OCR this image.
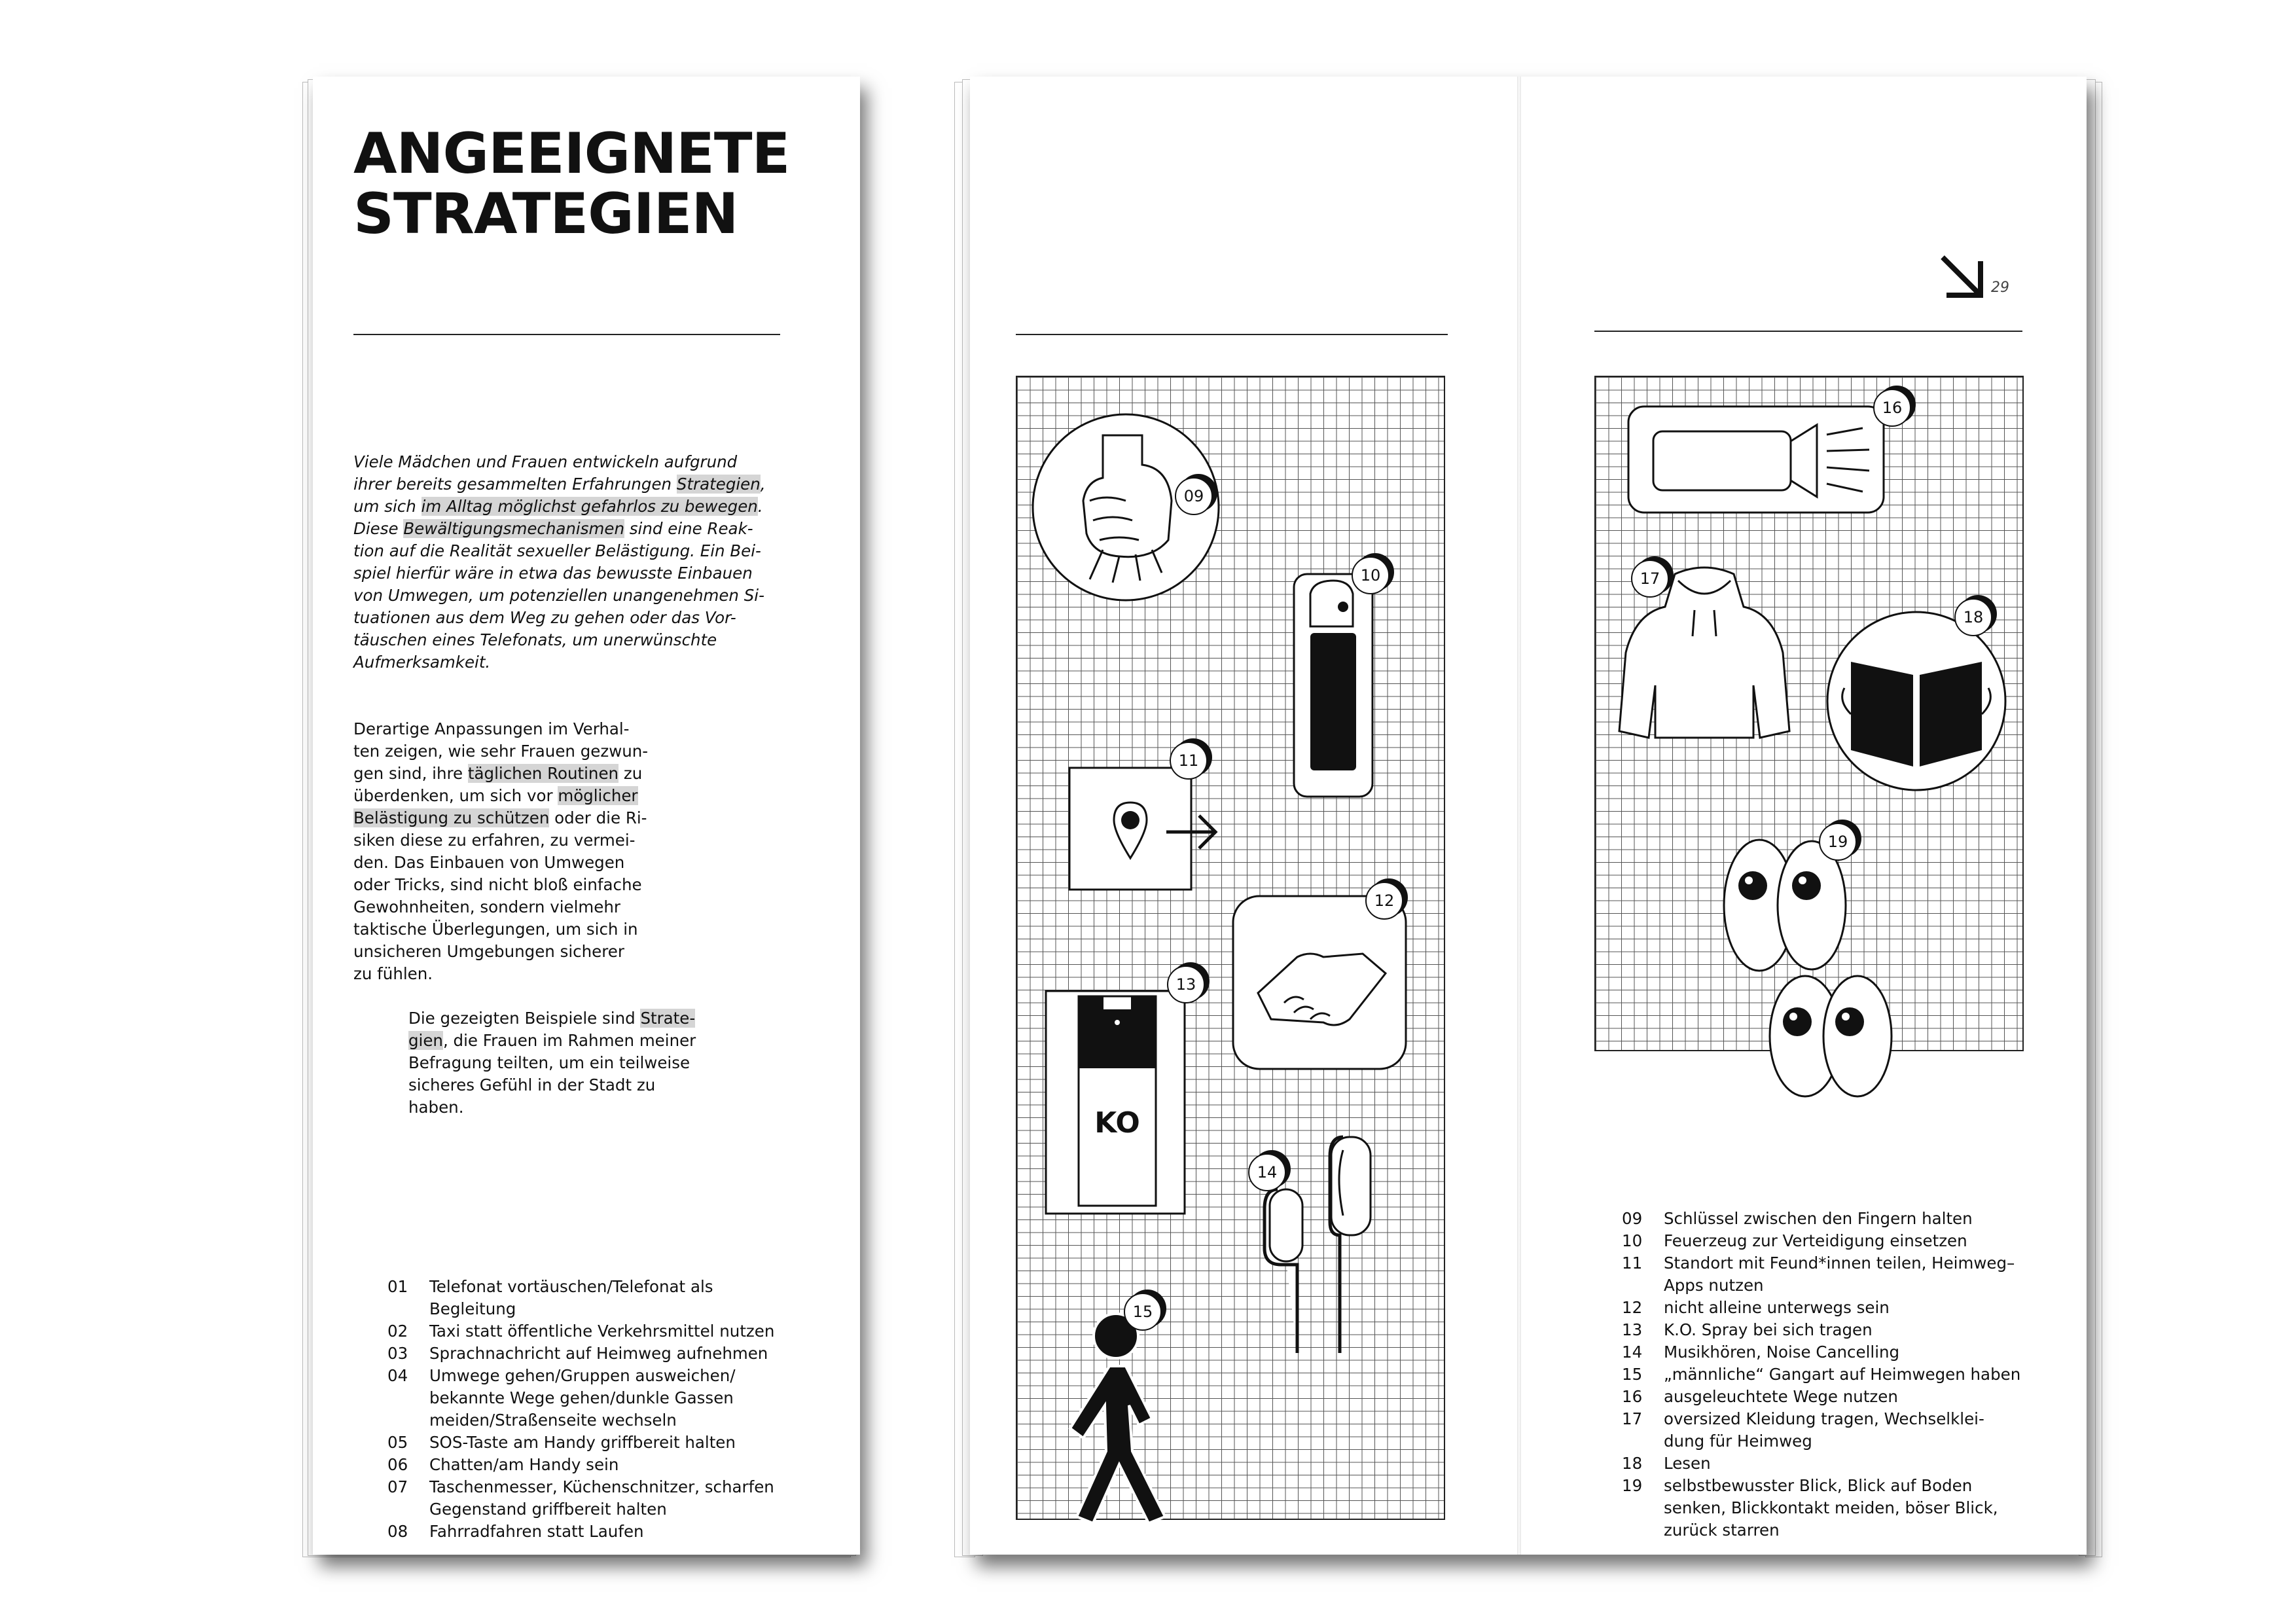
ANGEEIGNETE
STRATEGIEN
Viele Mädchen und Frauen entwickeln aufgrund
ihrer bereits gesammelten Erfahrungen Strategien,
um sich im Alltag möglichst gefahrlos zu bewegen.
Diese Bewältigungsmechanismen sind eine Reak-
tion auf die Realität sexueller Belästigung. Ein Bei-
spiel hierfür wäre in etwa das bewusste Einbauen
von Umwegen, um potenziellen unangenehmen Si-
tuationen aus dem Weg zu gehen oder das Vor-
täuschen eines Telefonats, um unerwünschte
Aufmerksamkeit.
Derartige Anpassungen im Verhal-
ten zeigen, wie sehr Frauen gezwun-
gen sind, ihre täglichen Routinen zu
überdenken, um sich vor möglicher
Belästigung zu schützen oder die Ri-
siken diese zu erfahren, zu vermei-
den. Das Einbauen von Umwegen
oder Tricks, sind nicht bloß einfache
Gewohnheiten, sondern vielmehr
taktische Überlegungen, um sich in
unsicheren Umgebungen sicherer
zu fühlen.
Die gezeigten Beispiele sind Strate-
gien, die Frauen im Rahmen meiner
Befragung teilten, um ein teilweise
sicheres Gefühl in der Stadt zu
haben.
01	Telefonat vortäuschen/Telefonat als Begleitung
02	Taxi statt öffentliche Verkehrsmittel nutzen
03	Sprachnachricht auf Heimweg aufnehmen
04	Umwege gehen/Gruppen ausweichen/ bekannte Wege gehen/dunkle Gassen meiden/Straßenseite wechseln
05	SOS-Taste am Handy griffbereit halten
06	Chatten/am Handy sein
07	Taschenmesser, Küchenschnitzer, scharfen Gegenstand griffbereit halten
08	Fahrradfahren statt Laufen
09
10
11
12
KO
13
14
15
29
16
17
18
19
09	Schlüssel zwischen den Fingern halten
10	Feuerzeug zur Verteidigung einsetzen
11	Standort mit Feund*innen teilen, Heimweg–Apps nutzen
12	nicht alleine unterwegs sein
13	K.O. Spray bei sich tragen
14	Musikhören, Noise Cancelling
15	„männliche“ Gangart auf Heimwegen haben
16	ausgeleuchtete Wege nutzen
17	oversized Kleidung tragen, Wechselklei- dung für Heimweg
18	Lesen
19	selbstbewusster Blick, Blick auf Boden senken, Blickkontakt meiden, böser Blick, zurück starren
